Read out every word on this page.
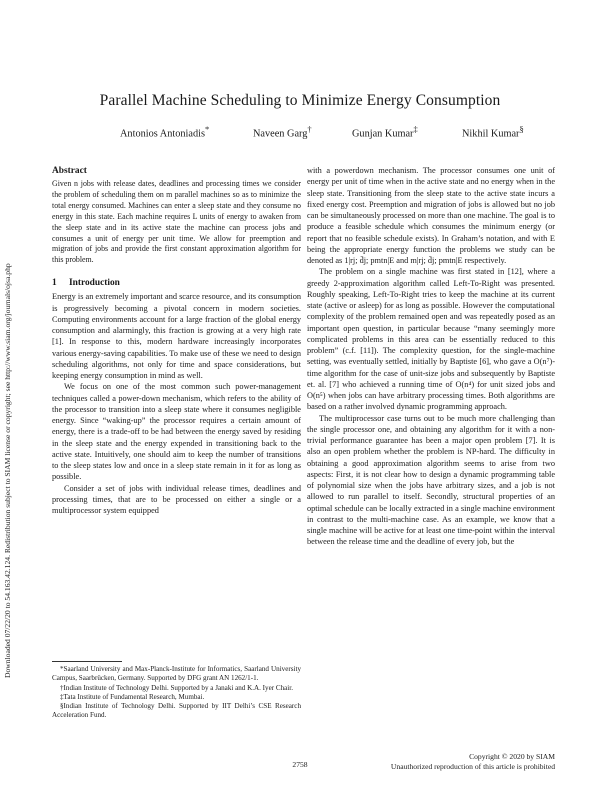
Downloaded 07/22/20 to 54.163.42.124. Redistribution subject to SIAM license or copyright; see http://www.siam.org/journals/ojsa.php
Parallel Machine Scheduling to Minimize Energy Consumption
Antonios Antoniadis*	Naveen Garg†	Gunjan Kumar‡	Nikhil Kumar§
Abstract

Given n jobs with release dates, deadlines and processing times we consider the problem of scheduling them on m parallel machines so as to minimize the total energy consumed. Machines can enter a sleep state and they consume no energy in this state. Each machine requires L units of energy to awaken from the sleep state and in its active state the machine can process jobs and consumes a unit of energy per unit time. We allow for preemption and migration of jobs and provide the first constant approximation algorithm for this problem.

1 Introduction

Energy is an extremely important and scarce resource, and its consumption is progressively becoming a pivotal concern in modern societies. Computing environments account for a large fraction of the global energy consumption and alarmingly, this fraction is growing at a very high rate [1]. In response to this, modern hardware increasingly incorporates various energy-saving capabilities. To make use of these we need to design scheduling algorithms, not only for time and space considerations, but keeping energy consumption in mind as well.

We focus on one of the most common such power-management techniques called a power-down mechanism, which refers to the ability of the processor to transition into a sleep state where it consumes negligible energy. Since “waking-up” the processor requires a certain amount of energy, there is a trade-off to be had between the energy saved by residing in the sleep state and the energy expended in transitioning back to the active state. Intuitively, one should aim to keep the number of transitions to the sleep states low and once in a sleep state remain in it for as long as possible.

Consider a set of jobs with individual release times, deadlines and processing times, that are to be processed on either a single or a multiprocessor system equipped

*Saarland University and Max-Planck-Institute for Informatics, Saarland University Campus, Saarbrücken, Germany. Supported by DFG grant AN 1262/1-1.

†Indian Institute of Technology Delhi. Supported by a Janaki and K.A. Iyer Chair.

‡Tata Institute of Fundamental Research, Mumbai.

§Indian Institute of Technology Delhi. Supported by IIT Delhi’s CSE Research Acceleration Fund.

with a powerdown mechanism. The processor consumes one unit of energy per unit of time when in the active state and no energy when in the sleep state. Transitioning from the sleep state to the active state incurs a fixed energy cost. Preemption and migration of jobs is allowed but no job can be simultaneously processed on more than one machine. The goal is to produce a feasible schedule which consumes the minimum energy (or report that no feasible schedule exists). In Graham’s notation, and with E being the appropriate energy function the problems we study can be denoted as 1|rj; d̄j; pmtn|E and m|rj; d̄j; pmtn|E respectively.

The problem on a single machine was first stated in [12], where a greedy 2-approximation algorithm called Left-To-Right was presented. Roughly speaking, Left-To-Right tries to keep the machine at its current state (active or asleep) for as long as possible. However the computational complexity of the problem remained open and was repeatedly posed as an important open question, in particular because “many seemingly more complicated problems in this area can be essentially reduced to this problem” (c.f. [11]). The complexity question, for the single-machine setting, was eventually settled, initially by Baptiste [6], who gave a O(n⁷)-time algorithm for the case of unit-size jobs and subsequently by Baptiste et. al. [7] who achieved a running time of O(n⁴) for unit sized jobs and O(n⁵) when jobs can have arbitrary processing times. Both algorithms are based on a rather involved dynamic programming approach.

The multiprocessor case turns out to be much more challenging than the single processor one, and obtaining any algorithm for it with a non-trivial performance guarantee has been a major open problem [7]. It is also an open problem whether the problem is NP-hard. The difficulty in obtaining a good approximation algorithm seems to arise from two aspects: First, it is not clear how to design a dynamic programming table of polynomial size when the jobs have arbitrary sizes, and a job is not allowed to run parallel to itself. Secondly, structural properties of an optimal schedule can be locally extracted in a single machine environment in contrast to the multi-machine case. As an example, we know that a single machine will be active for at least one time-point within the interval between the release time and the deadline of every job, but the

2758
Copyright © 2020 by SIAM
Unauthorized reproduction of this article is prohibited
